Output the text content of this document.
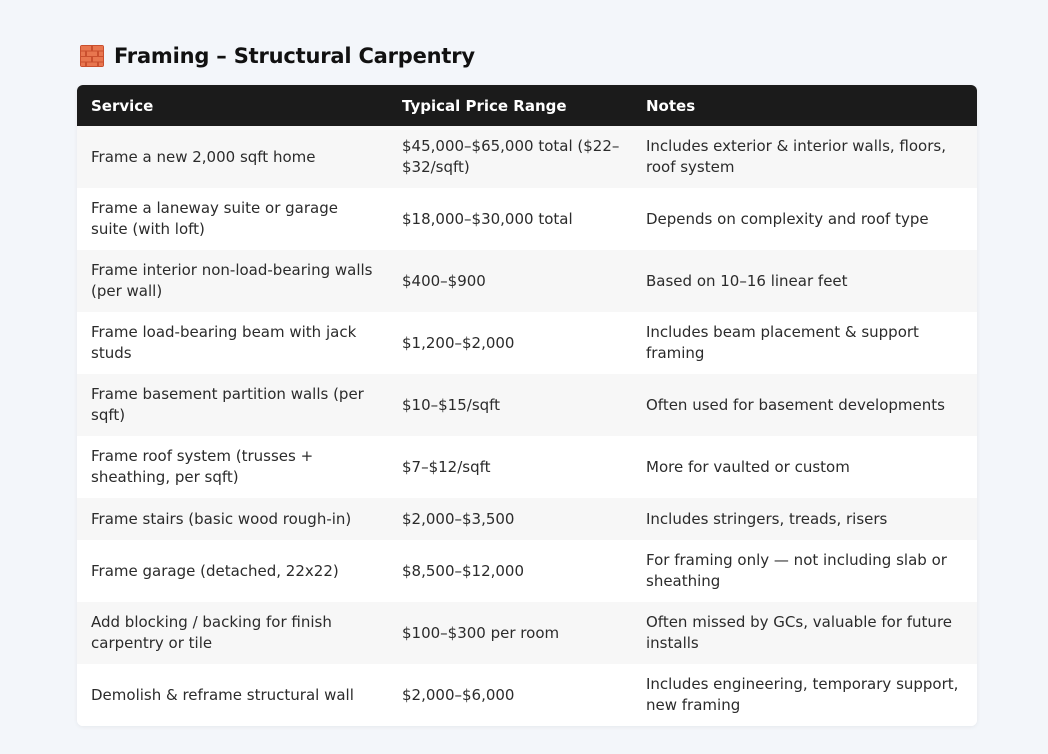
Framing – Structural Carpentry
Service	Typical Price Range	Notes
Frame a new 2,000 sqft home	$45,000–$65,000 total ($22–$32/sqft)	Includes exterior & interior walls, floors, roof system
Frame a laneway suite or garage suite (with loft)	$18,000–$30,000 total	Depends on complexity and roof type
Frame interior non-load-bearing walls (per wall)	$400–$900	Based on 10–16 linear feet
Frame load-bearing beam with jack studs	$1,200–$2,000	Includes beam placement & support framing
Frame basement partition walls (per sqft)	$10–$15/sqft	Often used for basement developments
Frame roof system (trusses + sheathing, per sqft)	$7–$12/sqft	More for vaulted or custom
Frame stairs (basic wood rough-in)	$2,000–$3,500	Includes stringers, treads, risers
Frame garage (detached, 22x22)	$8,500–$12,000	For framing only — not including slab or sheathing
Add blocking / backing for finish carpentry or tile	$100–$300 per room	Often missed by GCs, valuable for future installs
Demolish & reframe structural wall	$2,000–$6,000	Includes engineering, temporary support, new framing
